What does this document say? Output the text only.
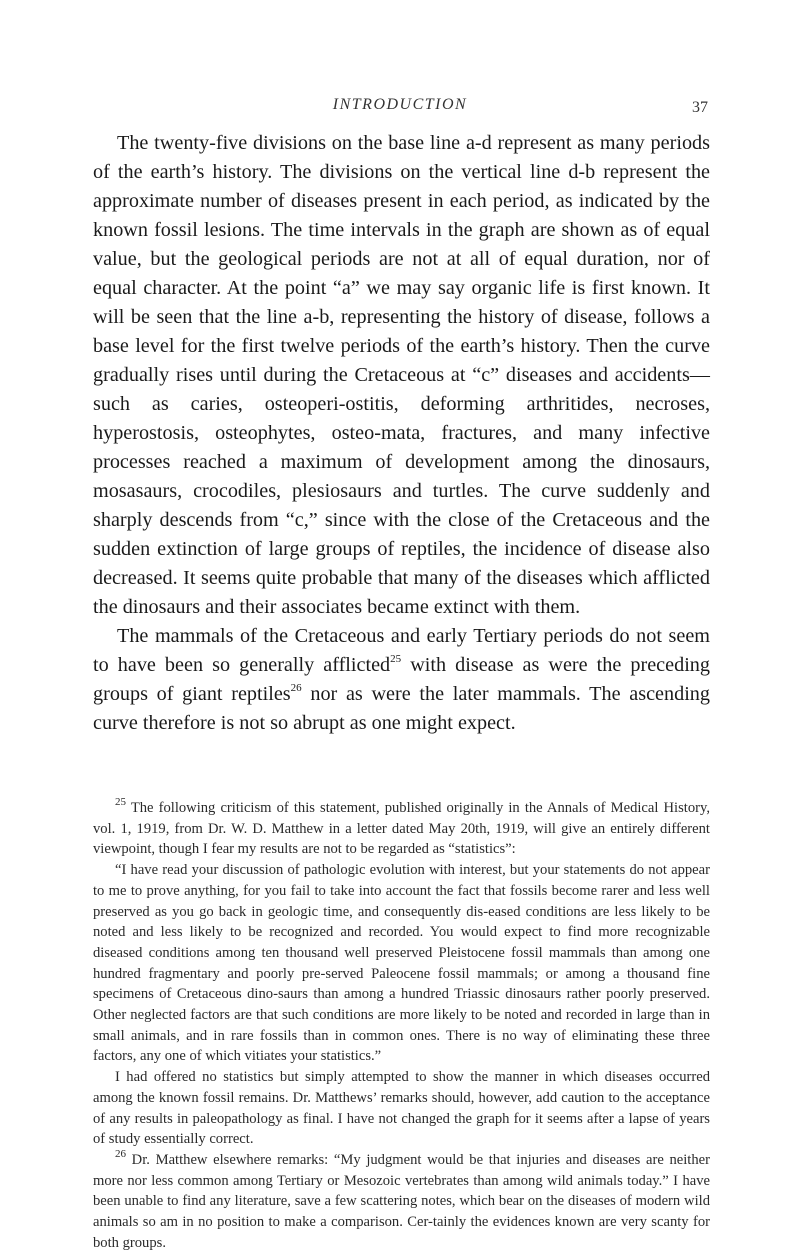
INTRODUCTION	37

The twenty-five divisions on the base line a-d represent as many periods of the earth’s history. The divisions on the vertical line d-b represent the approximate number of diseases present in each period, as indicated by the known fossil lesions. The time intervals in the graph are shown as of equal value, but the geological periods are not at all of equal duration, nor of equal character. At the point “a” we may say organic life is first known. It will be seen that the line a-b, representing the history of disease, follows a base level for the first twelve periods of the earth’s history. Then the curve gradually rises until during the Cretaceous at “c” diseases and accidents—such as caries, osteoperi-ostitis, deforming arthritides, necroses, hyperostosis, osteophytes, osteo-mata, fractures, and many infective processes reached a maximum of development among the dinosaurs, mosasaurs, crocodiles, plesiosaurs and turtles. The curve suddenly and sharply descends from “c,” since with the close of the Cretaceous and the sudden extinction of large groups of reptiles, the incidence of disease also decreased. It seems quite probable that many of the diseases which afflicted the dinosaurs and their associates became extinct with them.

The mammals of the Cretaceous and early Tertiary periods do not seem to have been so generally afflicted$^{25}$ with disease as were the preceding groups of giant reptiles$^{26}$ nor as were the later mammals. The ascending curve therefore is not so abrupt as one might expect.

$^{25}$ The following criticism of this statement, published originally in the Annals of Medical History, vol. 1, 1919, from Dr. W. D. Matthew in a letter dated May 20th, 1919, will give an entirely different viewpoint, though I fear my results are not to be regarded as “statistics”:

“I have read your discussion of pathologic evolution with interest, but your statements do not appear to me to prove anything, for you fail to take into account the fact that fossils become rarer and less well preserved as you go back in geologic time, and consequently dis-eased conditions are less likely to be noted and less likely to be recognized and recorded. You would expect to find more recognizable diseased conditions among ten thousand well preserved Pleistocene fossil mammals than among one hundred fragmentary and poorly pre-served Paleocene fossil mammals; or among a thousand fine specimens of Cretaceous dino-saurs than among a hundred Triassic dinosaurs rather poorly preserved. Other neglected factors are that such conditions are more likely to be noted and recorded in large than in small animals, and in rare fossils than in common ones. There is no way of eliminating these three factors, any one of which vitiates your statistics.”

I had offered no statistics but simply attempted to show the manner in which diseases occurred among the known fossil remains. Dr. Matthews’ remarks should, however, add caution to the acceptance of any results in paleopathology as final. I have not changed the graph for it seems after a lapse of years of study essentially correct.

$^{26}$ Dr. Matthew elsewhere remarks: “My judgment would be that injuries and diseases are neither more nor less common among Tertiary or Mesozoic vertebrates than among wild animals today.” I have been unable to find any literature, save a few scattering notes, which bear on the diseases of modern wild animals so am in no position to make a comparison. Cer-tainly the evidences known are very scanty for both groups.
